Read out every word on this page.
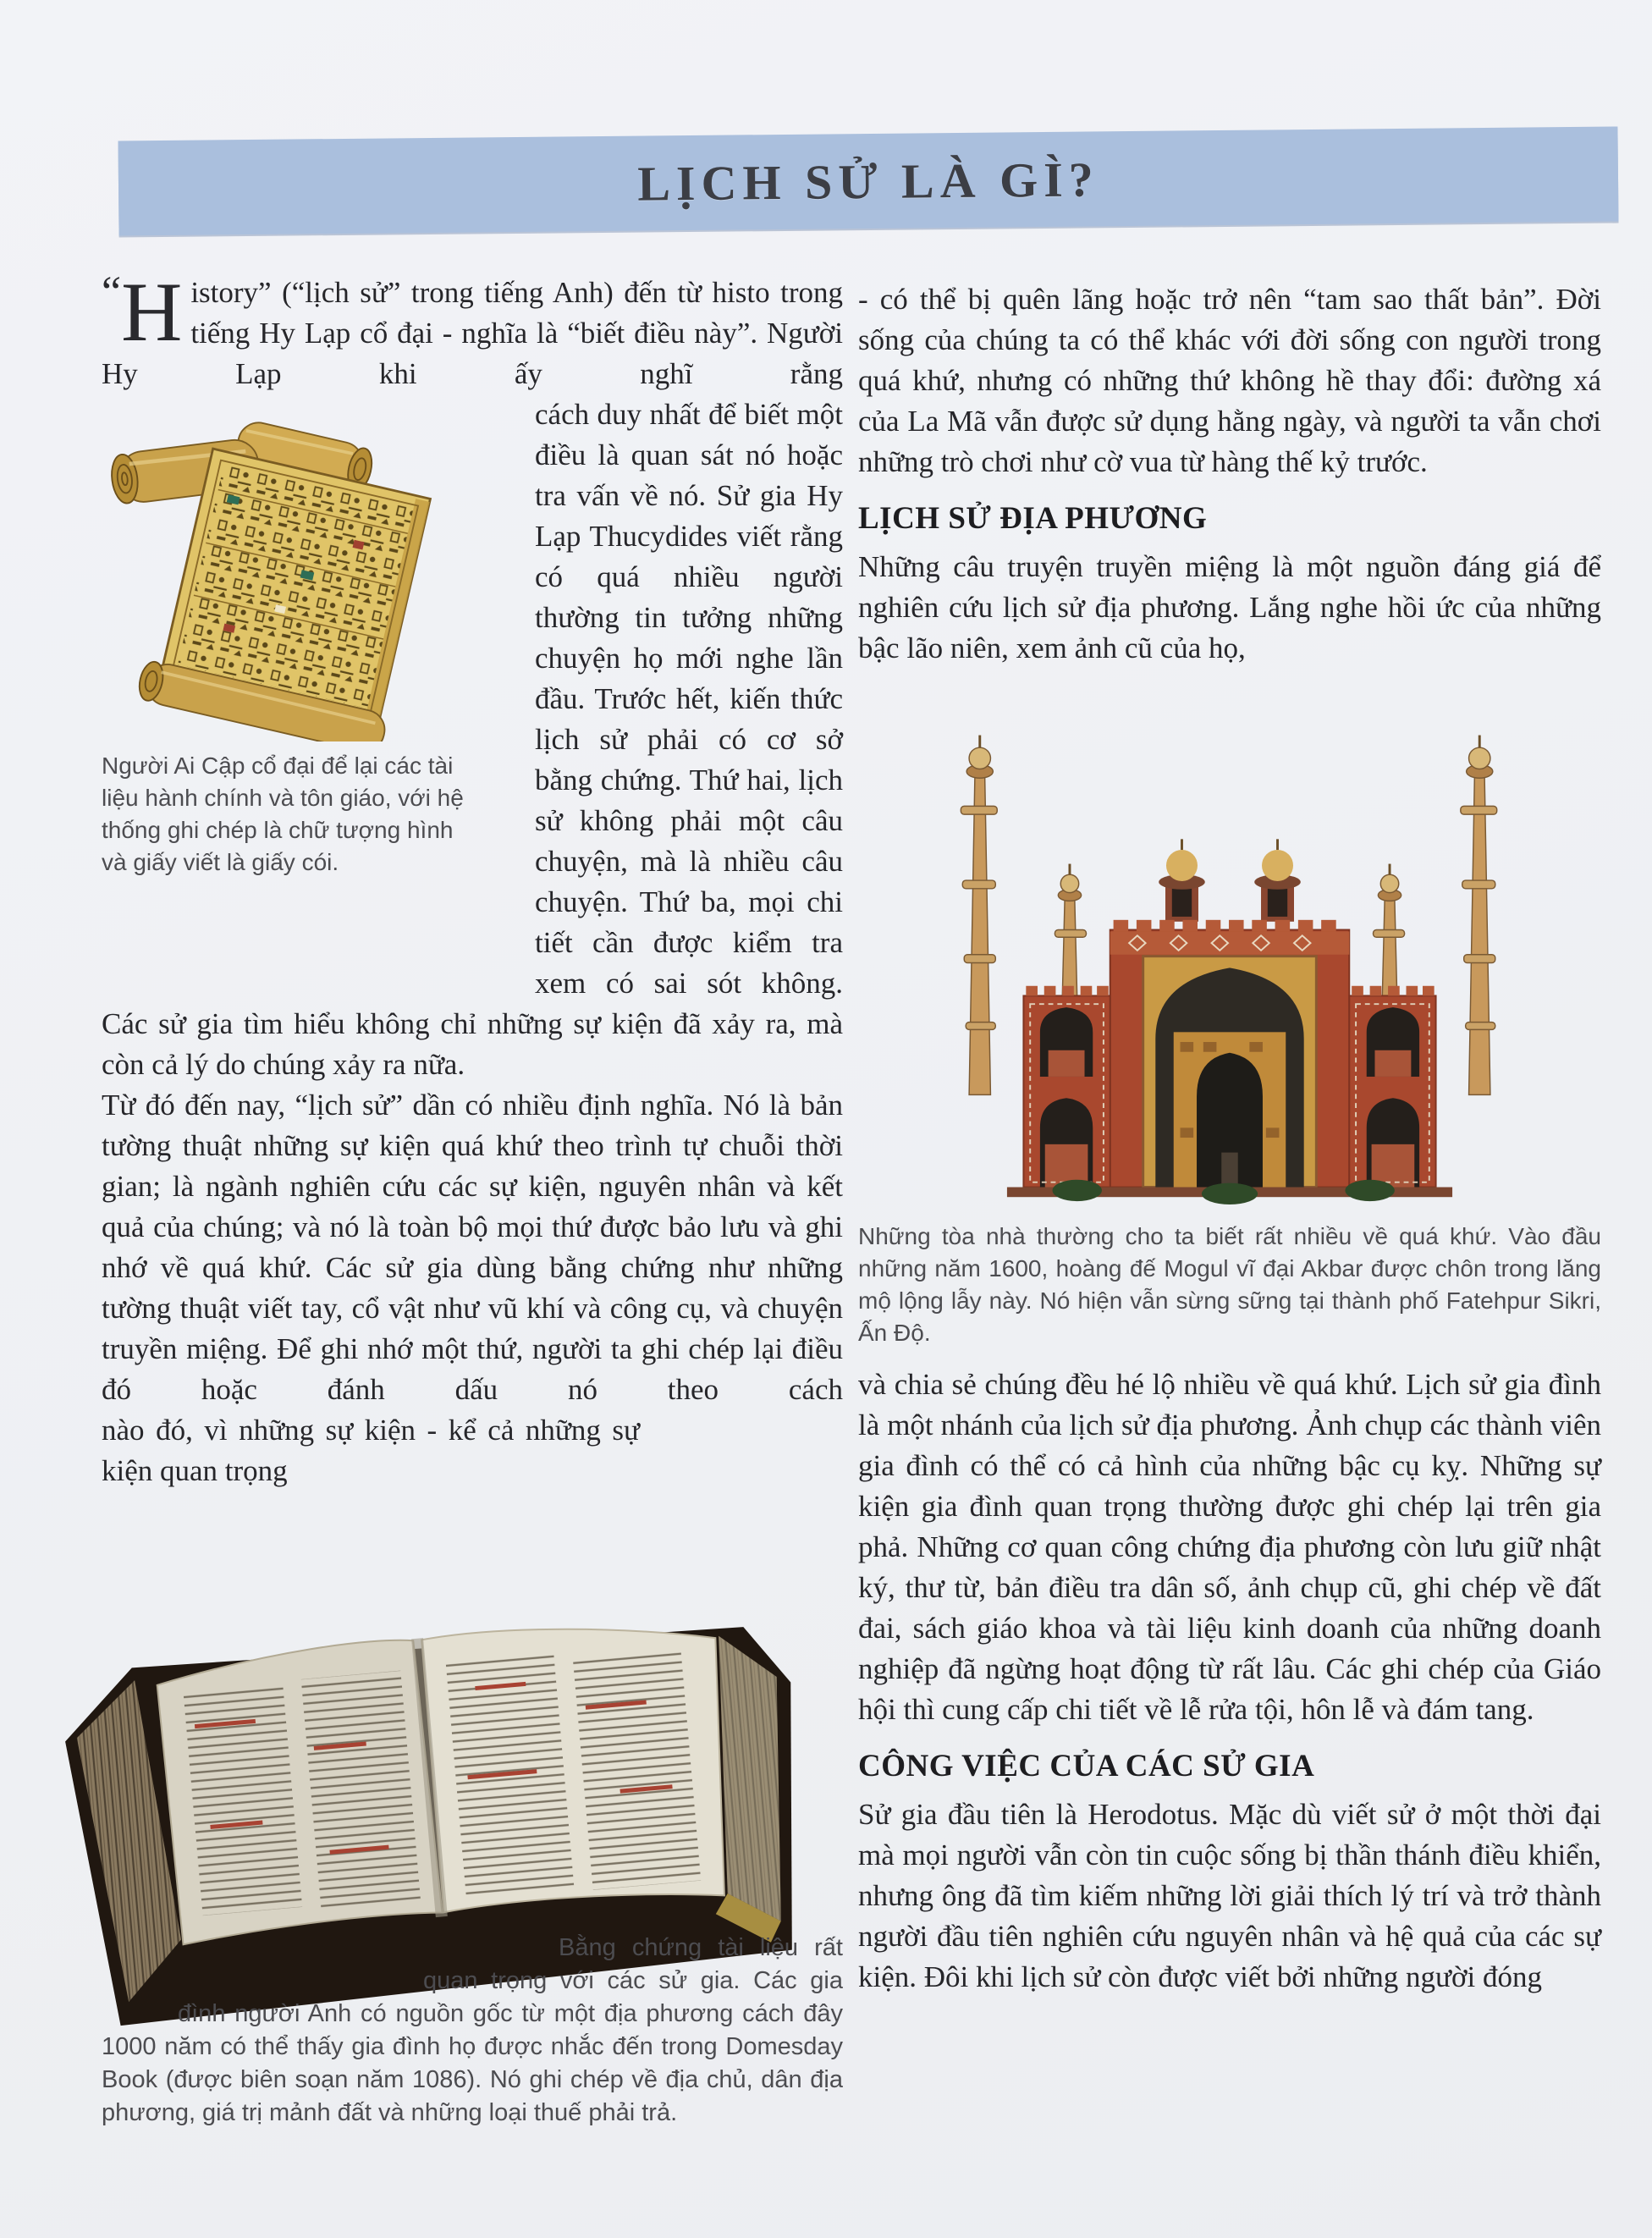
LỊCH SỬ LÀ GÌ?

“H istory” (“lịch sử” trong tiếng Anh) đến từ histo trong tiếng Hy Lạp cổ đại - nghĩa là “biết điều này”. Người Hy Lạp khi ấy nghĩ rằng

Người Ai Cập cổ đại để lại các tài liệu hành chính và tôn giáo, với hệ thống ghi chép là chữ tượng hình và giấy viết là giấy cói.
cách duy nhất để biết một điều là quan sát nó hoặc tra vấn về nó. Sử gia Hy Lạp Thucydides viết rằng có quá nhiều người thường tin tưởng những chuyện họ mới nghe lần đầu. Trước hết, kiến thức lịch sử phải có cơ sở bằng chứng. Thứ hai, lịch sử không phải một câu chuyện, mà là nhiều câu chuyện. Thứ ba, mọi chi tiết cần được kiểm tra xem có sai sót không. Các sử gia tìm hiểu không chỉ những sự kiện đã xảy ra, mà còn cả lý do chúng xảy ra nữa.

Từ đó đến nay, “lịch sử” dần có nhiều định nghĩa. Nó là bản tường thuật những sự kiện quá khứ theo trình tự chuỗi thời gian; là ngành nghiên cứu các sự kiện, nguyên nhân và kết quả của chúng; và nó là toàn bộ mọi thứ được bảo lưu và ghi nhớ về quá khứ. Các sử gia dùng bằng chứng như những tường thuật viết tay, cổ vật như vũ khí và công cụ, và chuyện truyền miệng. Để ghi nhớ một thứ, người ta ghi chép lại điều đó hoặc đánh dấu nó theo cách

nào đó, vì những sự kiện - kể cả những sự kiện quan trọng

Bằng chứng tài liệu rất quan trọng với các sử gia. Các gia đình người Anh có nguồn gốc từ một địa phương cách đây 1000 năm có thể thấy gia đình họ được nhắc đến trong Domesday Book (được biên soạn năm 1086). Nó ghi chép về địa chủ, dân địa phương, giá trị mảnh đất và những loại thuế phải trả.

- có thể bị quên lãng hoặc trở nên “tam sao thất bản”. Đời sống của chúng ta có thể khác với đời sống con người trong quá khứ, nhưng có những thứ không hề thay đổi: đường xá của La Mã vẫn được sử dụng hằng ngày, và người ta vẫn chơi những trò chơi như cờ vua từ hàng thế kỷ trước.

LỊCH SỬ ĐỊA PHƯƠNG

Những câu truyện truyền miệng là một nguồn đáng giá để nghiên cứu lịch sử địa phương. Lắng nghe hồi ức của những bậc lão niên, xem ảnh cũ của họ,

Những tòa nhà thường cho ta biết rất nhiều về quá khứ. Vào đầu những năm 1600, hoàng đế Mogul vĩ đại Akbar được chôn trong lăng mộ lộng lẫy này. Nó hiện vẫn sừng sững tại thành phố Fatehpur Sikri, Ấn Độ.

và chia sẻ chúng đều hé lộ nhiều về quá khứ. Lịch sử gia đình là một nhánh của lịch sử địa phương. Ảnh chụp các thành viên gia đình có thể có cả hình của những bậc cụ kỵ. Những sự kiện gia đình quan trọng thường được ghi chép lại trên gia phả. Những cơ quan công chứng địa phương còn lưu giữ nhật ký, thư từ, bản điều tra dân số, ảnh chụp cũ, ghi chép về đất đai, sách giáo khoa và tài liệu kinh doanh của những doanh nghiệp đã ngừng hoạt động từ rất lâu. Các ghi chép của Giáo hội thì cung cấp chi tiết về lễ rửa tội, hôn lễ và đám tang.

CÔNG VIỆC CỦA CÁC SỬ GIA

Sử gia đầu tiên là Herodotus. Mặc dù viết sử ở một thời đại mà mọi người vẫn còn tin cuộc sống bị thần thánh điều khiển, nhưng ông đã tìm kiếm những lời giải thích lý trí và trở thành người đầu tiên nghiên cứu nguyên nhân và hệ quả của các sự kiện. Đôi khi lịch sử còn được viết bởi những người đóng
